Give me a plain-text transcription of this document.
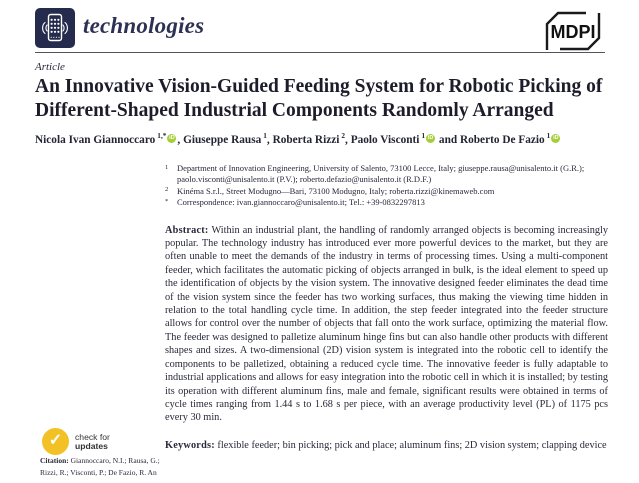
technologies	MDPI
Article
An Innovative Vision-Guided Feeding System for Robotic Picking of Different-Shaped Industrial Components Randomly Arranged
Nicola Ivan Giannoccaro $^{1,*}$ iD , Giuseppe Rausa $^1$, Roberta Rizzi $^2$, Paolo Visconti $^1$ iD and Roberto De Fazio $^1$ iD
1 Department of Innovation Engineering, University of Salento, 73100 Lecce, Italy; giuseppe.rausa@unisalento.it (G.R.); paolo.visconti@unisalento.it (P.V.); roberto.defazio@unisalento.it (R.D.F.)
2 Kinéma S.r.l., Street Modugno—Bari, 73100 Modugno, Italy; roberta.rizzi@kinemaweb.com
* Correspondence: ivan.giannoccaro@unisalento.it; Tel.: +39-0832297813

Abstract: Within an industrial plant, the handling of randomly arranged objects is becoming increasingly popular. The technology industry has introduced ever more powerful devices to the market, but they are often unable to meet the demands of the industry in terms of processing times. Using a multi-component feeder, which facilitates the automatic picking of objects arranged in bulk, is the ideal element to speed up the identification of objects by the vision system. The innovative designed feeder eliminates the dead time of the vision system since the feeder has two working surfaces, thus making the viewing time hidden in relation to the total handling cycle time. In addition, the step feeder integrated into the feeder structure allows for control over the number of objects that fall onto the work surface, optimizing the material flow. The feeder was designed to palletize aluminum hinge fins but can also handle other products with different shapes and sizes. A two-dimensional (2D) vision system is integrated into the robotic cell to identify the components to be palletized, obtaining a reduced cycle time. The innovative feeder is fully adaptable to industrial applications and allows for easy integration into the robotic cell in which it is installed; by testing its operation with different aluminum fins, male and female, significant results were obtained in terms of cycle times ranging from 1.44 s to 1.68 s per piece, with an average productivity level (PL) of 1175 pcs every 30 min.

Keywords: flexible feeder; bin picking; pick and place; aluminum fins; 2D vision system; clapping device

✓	check for
updates
Citation: Giannoccaro, N.I.; Rausa, G.; Rizzi, R.; Visconti, P.; De Fazio, R. An
